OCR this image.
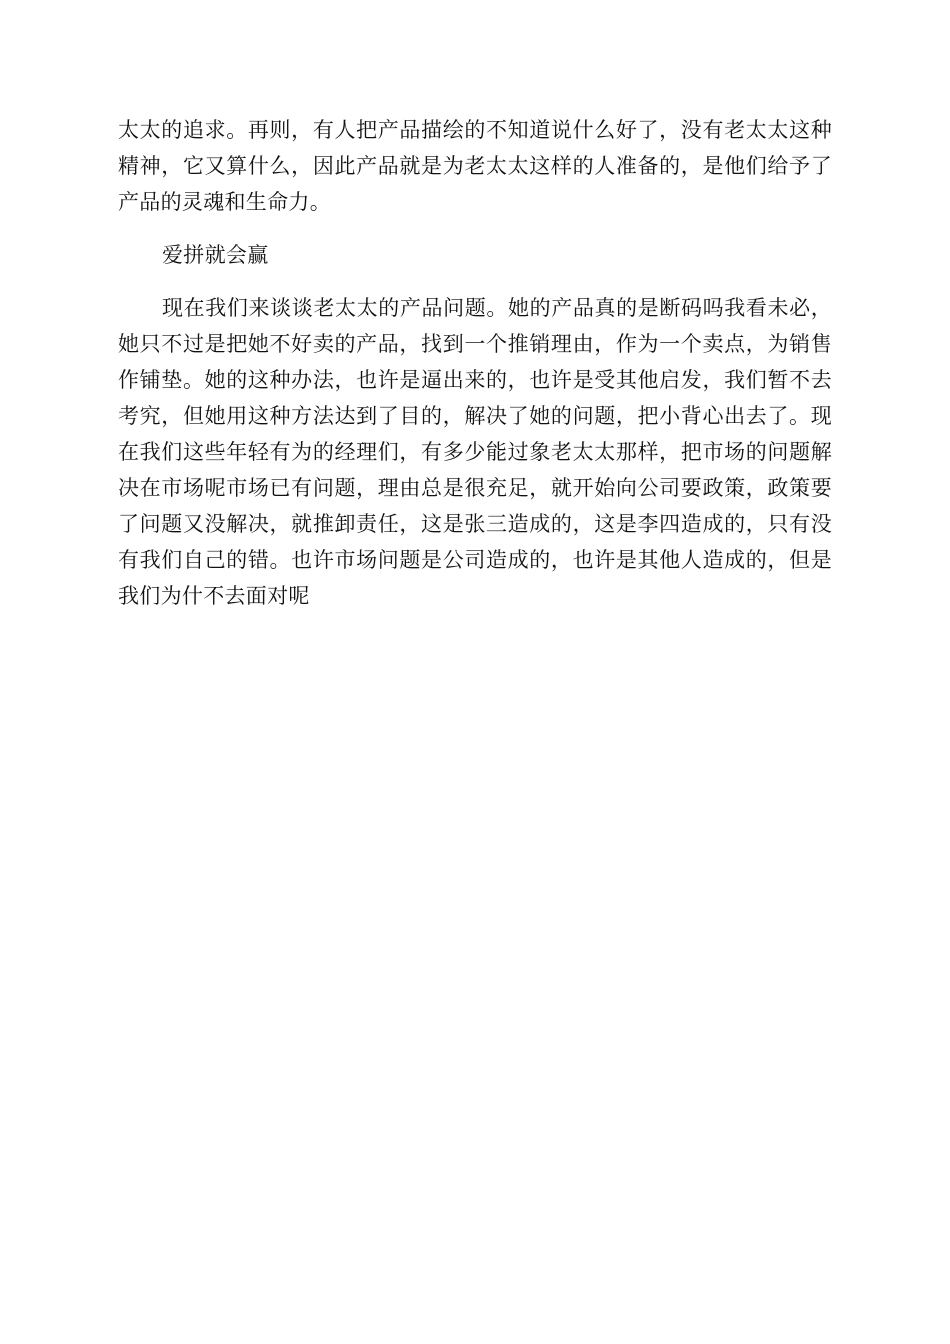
太太的追求。再则，有人把产品描绘的不知道说什么好了，没有老太太这种精神，它又算什么，因此产品就是为老太太这样的人准备的，是他们给予了产品的灵魂和生命力。

爱拼就会赢

现在我们来谈谈老太太的产品问题。她的产品真的是断码吗我看未必，她只不过是把她不好卖的产品，找到一个推销理由，作为一个卖点，为销售作铺垫。她的这种办法，也许是逼出来的，也许是受其他启发，我们暂不去考究，但她用这种方法达到了目的，解决了她的问题，把小背心出去了。现在我们这些年轻有为的经理们，有多少能过象老太太那样，把市场的问题解决在市场呢市场已有问题，理由总是很充足，就开始向公司要政策，政策要了问题又没解决，就推卸责任，这是张三造成的，这是李四造成的，只有没有我们自己的错。也许市场问题是公司造成的，也许是其他人造成的，但是我们为什不去面对呢
